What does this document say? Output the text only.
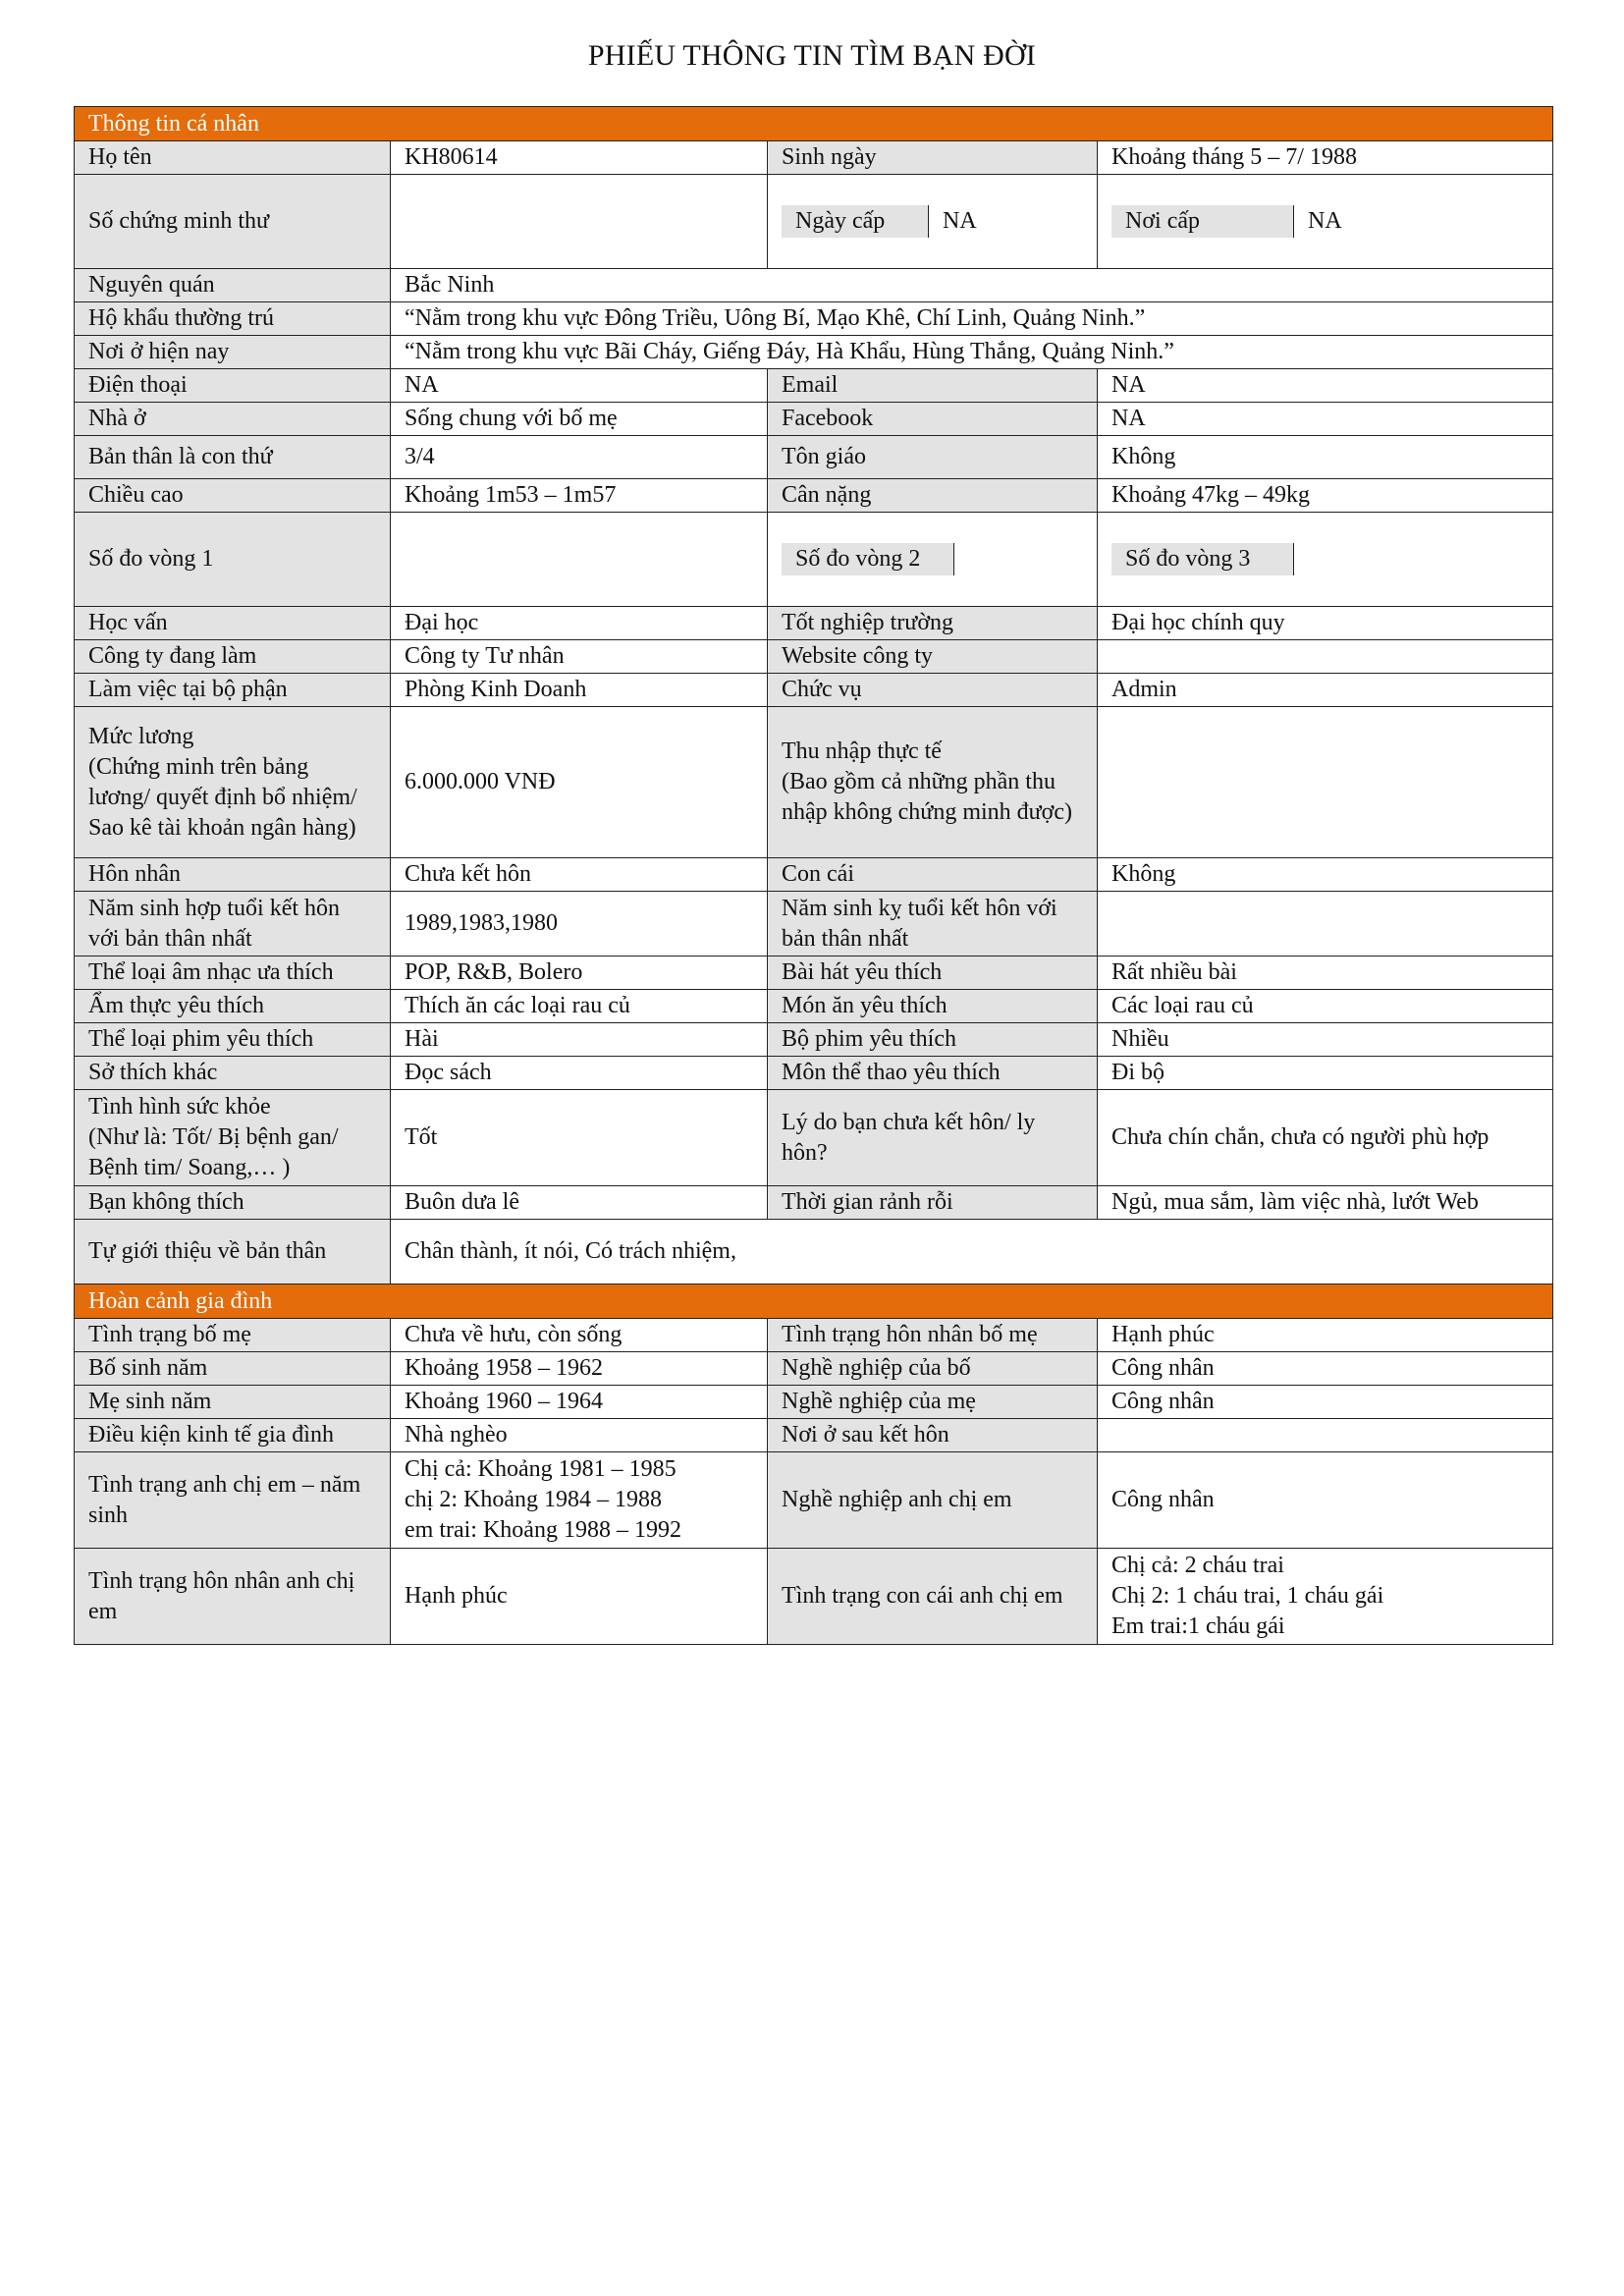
PHIẾU THÔNG TIN TÌM BẠN ĐỜI
Thông tin cá nhân			
Họ tên	KH80614	Sinh ngày	Khoảng tháng 5 – 7/ 1988
Số chứng minh thư		Ngày cấp NA	Nơi cấp NA

Nguyên quán	Bắc Ninh		
Hộ khẩu thường trú	“Nằm trong khu vực Đông Triều, Uông Bí, Mạo Khê, Chí Linh, Quảng Ninh.”		
Nơi ở hiện nay	“Nằm trong khu vực Bãi Cháy, Giếng Đáy, Hà Khẩu, Hùng Thắng, Quảng Ninh.”		
Điện thoại	NA	Email	NA
Nhà ở	Sống chung với bố mẹ	Facebook	NA
Bản thân là con thứ	3/4	Tôn giáo	Không
Chiều cao	Khoảng 1m53 – 1m57	Cân nặng	Khoảng 47kg – 49kg
Số đo vòng 1		Số đo vòng 2	Số đo vòng 3

Học vấn	Đại học	Tốt nghiệp trường	Đại học chính quy
Công ty đang làm	Công ty Tư nhân	Website công ty	
Làm việc tại bộ phận	Phòng Kinh Doanh	Chức vụ	Admin
Mức lương
(Chứng minh trên bảng lương/ quyết định bổ nhiệm/ Sao kê tài khoản ngân hàng)	6.000.000 VNĐ	Thu nhập thực tế
(Bao gồm cả những phần thu nhập không chứng minh được)	
Hôn nhân	Chưa kết hôn	Con cái	Không
Năm sinh hợp tuổi kết hôn với bản thân nhất	1989,1983,1980	Năm sinh kỵ tuổi kết hôn với bản thân nhất	
Thể loại âm nhạc ưa thích	POP, R&B, Bolero	Bài hát yêu thích	Rất nhiều bài
Ẩm thực yêu thích	Thích ăn các loại rau củ	Món ăn yêu thích	Các loại rau củ
Thể loại phim yêu thích	Hài	Bộ phim yêu thích	Nhiều
Sở thích khác	Đọc sách	Môn thể thao yêu thích	Đi bộ
Tình hình sức khỏe
(Như là: Tốt/ Bị bệnh gan/ Bệnh tim/ Soang,… )	Tốt	Lý do bạn chưa kết hôn/ ly hôn?	Chưa chín chắn, chưa có người phù hợp
Bạn không thích	Buôn dưa lê	Thời gian rảnh rỗi	Ngủ, mua sắm, làm việc nhà, lướt Web
Tự giới thiệu về bản thân	Chân thành, ít nói, Có trách nhiệm,		
Hoàn cảnh gia đình			
Tình trạng bố mẹ	Chưa về hưu, còn sống	Tình trạng hôn nhân bố mẹ	Hạnh phúc
Bố sinh năm	Khoảng 1958 – 1962	Nghề nghiệp của bố	Công nhân
Mẹ sinh năm	Khoảng 1960 – 1964	Nghề nghiệp của mẹ	Công nhân
Điều kiện kinh tế gia đình	Nhà nghèo	Nơi ở sau kết hôn	
Tình trạng anh chị em – năm sinh	Chị cả: Khoảng 1981 – 1985
chị 2: Khoảng 1984 – 1988
em trai: Khoảng 1988 – 1992	Nghề nghiệp anh chị em	Công nhân
Tình trạng hôn nhân anh chị em	Hạnh phúc	Tình trạng con cái anh chị em	Chị cả: 2 cháu trai
Chị 2: 1 cháu trai, 1 cháu gái
Em trai:1 cháu gái
